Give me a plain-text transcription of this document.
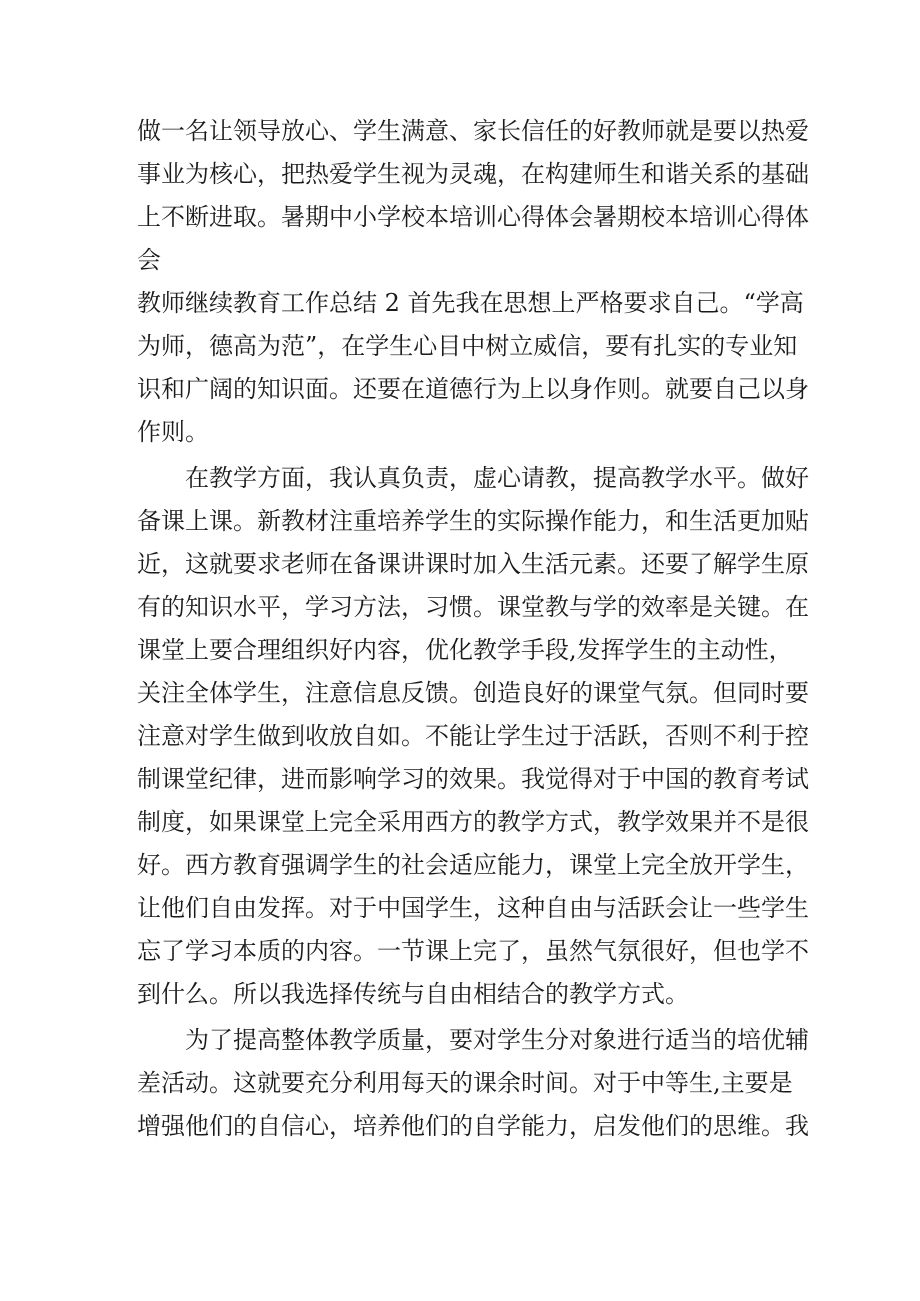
做一名让领导放心、学生满意、家长信任的好教师就是要以热爱
事业为核心，把热爱学生视为灵魂，在构建师生和谐关系的基础
上不断进取。暑期中小学校本培训心得体会暑期校本培训心得体
会
教师继续教育工作总结 2 首先我在思想上严格要求自己。“学高
为师，德高为范”，在学生心目中树立威信，要有扎实的专业知
识和广阔的知识面。还要在道德行为上以身作则。就要自己以身
作则。
在教学方面，我认真负责，虚心请教，提高教学水平。做好
备课上课。新教材注重培养学生的实际操作能力，和生活更加贴
近，这就要求老师在备课讲课时加入生活元素。还要了解学生原
有的知识水平，学习方法，习惯。课堂教与学的效率是关键。在
课堂上要合理组织好内容，优化教学手段,发挥学生的主动性，
关注全体学生，注意信息反馈。创造良好的课堂气氛。但同时要
注意对学生做到收放自如。不能让学生过于活跃，否则不利于控
制课堂纪律，进而影响学习的效果。我觉得对于中国的教育考试
制度，如果课堂上完全采用西方的教学方式，教学效果并不是很
好。西方教育强调学生的社会适应能力，课堂上完全放开学生，
让他们自由发挥。对于中国学生，这种自由与活跃会让一些学生
忘了学习本质的内容。一节课上完了，虽然气氛很好，但也学不
到什么。所以我选择传统与自由相结合的教学方式。
为了提高整体教学质量，要对学生分对象进行适当的培优辅
差活动。这就要充分利用每天的课余时间。对于中等生,主要是
增强他们的自信心，培养他们的自学能力，启发他们的思维。我
